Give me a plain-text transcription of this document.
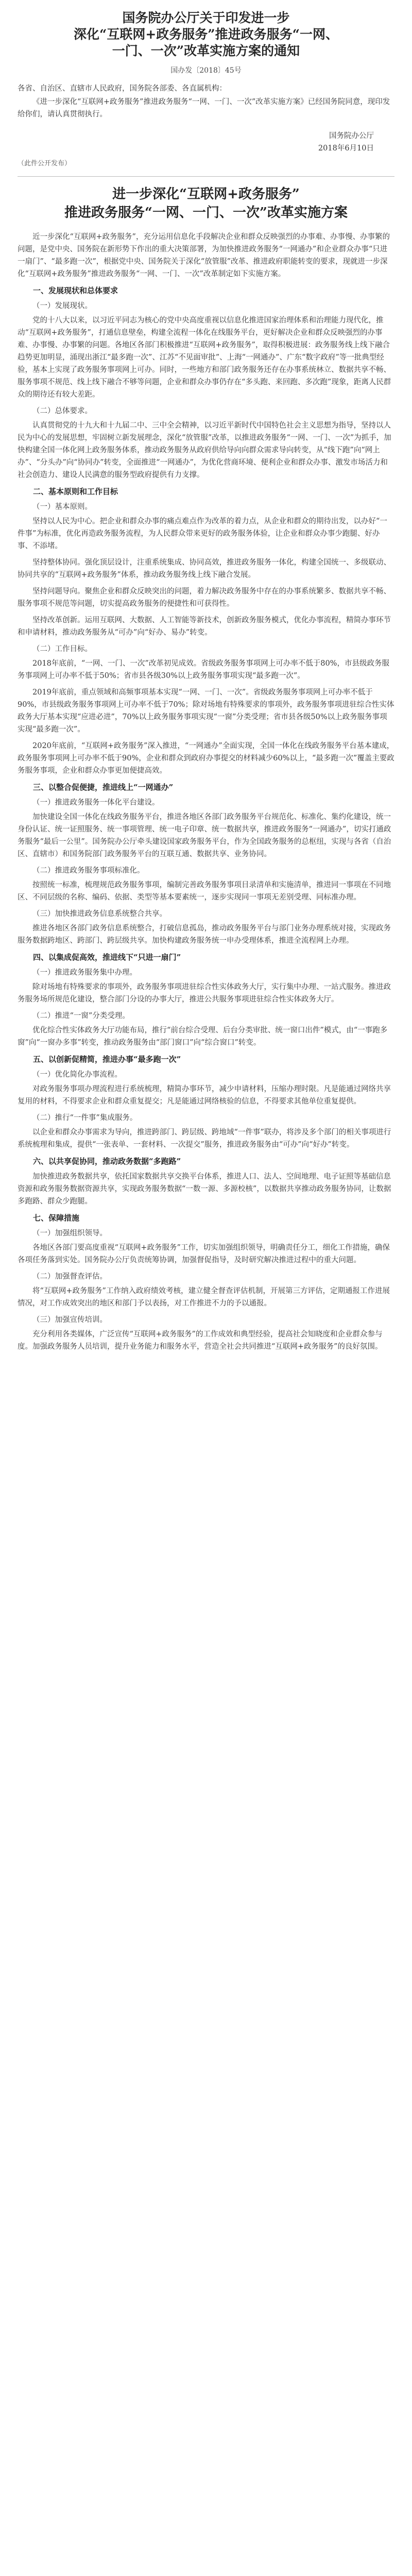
国务院办公厅关于印发进一步
深化“互联网+政务服务”推进政务服务“一网、
一门、一次”改革实施方案的通知
国办发〔2018〕45号
各省、自治区、直辖市人民政府，国务院各部委、各直属机构：
《进一步深化“互联网+政务服务”推进政务服务“一网、一门、一次”改革实施方案》已经国务院同意，现印发给你们，请认真贯彻执行。
国务院办公厅
2018年6月10日
（此件公开发布）
进一步深化“互联网+政务服务”
推进政务服务“一网、一门、一次”改革实施方案
近一步深化“互联网+政务服务”，充分运用信息化手段解决企业和群众反映强烈的办事难、办事慢、办事繁的问题，是党中央、国务院在新形势下作出的重大决策部署，为加快推进政务服务“一网通办”和企业群众办事“只进一扇门”、“最多跑一次”，根据党中央、国务院关于深化“放管服”改革、推进政府职能转变的要求，现就进一步深化“互联网+政务服务”推进政务服务“一网、一门、一次”改革制定如下实施方案。
一、发展现状和总体要求
（一）发展现状。
党的十八大以来，以习近平同志为核心的党中央高度重视以信息化推进国家治理体系和治理能力现代化，推动“互联网+政务服务”，打通信息壁垒，构建全流程一体化在线服务平台，更好解决企业和群众反映强烈的办事难、办事慢、办事繁的问题。各地区各部门积极推进“互联网+政务服务”，取得积极进展：政务服务线上线下融合趋势更加明显，涌现出浙江“最多跑一次”、江苏“不见面审批”、上海“一网通办”、广东“数字政府”等一批典型经验，基本上实现了政务服务事项网上可办。同时，一些地方和部门政务服务还存在办事系统林立、数据共享不畅、服务事项不规范、线上线下融合不够等问题，企业和群众办事仍存在“多头跑、来回跑、多次跑”现象，距离人民群众的期待还有较大差距。
（二）总体要求。
认真贯彻党的十九大和十九届二中、三中全会精神，以习近平新时代中国特色社会主义思想为指导，坚持以人民为中心的发展思想，牢固树立新发展理念，深化“放管服”改革，以推进政务服务“一网、一门、一次”为抓手，加快构建全国一体化网上政务服务体系，推动政务服务从政府供给导向向群众需求导向转变，从“线下跑”向“网上办”、“分头办”向“协同办”转变，全面推进“一网通办”，为优化营商环境、便利企业和群众办事、激发市场活力和社会创造力、建设人民满意的服务型政府提供有力支撑。
二、基本原则和工作目标
（一）基本原则。
坚持以人民为中心。把企业和群众办事的痛点难点作为改革的着力点，从企业和群众的期待出发，以办好“一件事”为标准，优化再造政务服务流程，为人民群众带来更好的政务服务体验，让企业和群众办事少跑腿、好办事、不添堵。
坚持整体协同。强化顶层设计，注重系统集成、协同高效，推进政务服务一体化，构建全国统一、多级联动、协同共享的“互联网+政务服务”体系，推动政务服务线上线下融合发展。
坚持问题导向。聚焦企业和群众反映突出的问题，着力解决政务服务中存在的办事系统繁多、数据共享不畅、服务事项不规范等问题，切实提高政务服务的便捷性和可获得性。
坚持改革创新。运用互联网、大数据、人工智能等新技术，创新政务服务模式，优化办事流程，精简办事环节和申请材料，推动政务服务从“可办”向“好办、易办”转变。
（二）工作目标。
2018年底前，“一网、一门、一次”改革初见成效。省级政务服务事项网上可办率不低于80%，市县级政务服务事项网上可办率不低于50%；省市县各级30%以上政务服务事项实现“最多跑一次”。
2019年底前，重点领域和高频事项基本实现“一网、一门、一次”。省级政务服务事项网上可办率不低于90%，市县级政务服务事项网上可办率不低于70%；除对场地有特殊要求的事项外，政务服务事项进驻综合性实体政务大厅基本实现“应进必进”，70%以上政务服务事项实现“一窗”分类受理；省市县各级50%以上政务服务事项实现“最多跑一次”。
2020年底前，“互联网+政务服务”深入推进，“一网通办”全面实现，全国一体化在线政务服务平台基本建成，政务服务事项网上可办率不低于90%，企业和群众到政府办事提交的材料减少60%以上，“最多跑一次”覆盖主要政务服务事项，企业和群众办事更加便捷高效。
三、以整合促便捷，推进线上“一网通办”
（一）推进政务服务一体化平台建设。
加快建设全国一体化在线政务服务平台，推进各地区各部门政务服务平台规范化、标准化、集约化建设，统一身份认证、统一证照服务、统一事项管理、统一电子印章、统一数据共享，推进政务服务“一网通办”，切实打通政务服务“最后一公里”。国务院办公厅牵头建设国家政务服务平台，作为全国政务服务的总枢纽，实现与各省（自治区、直辖市）和国务院部门政务服务平台的互联互通、数据共享、业务协同。
（二）推进政务服务事项标准化。
按照统一标准，梳理规范政务服务事项，编制完善政务服务事项目录清单和实施清单，推进同一事项在不同地区、不同层级的名称、编码、依据、类型等基本要素统一，逐步实现同一事项无差别受理、同标准办理。
（三）加快推进政务信息系统整合共享。
推进各地区各部门政务信息系统整合，打破信息孤岛，推动政务服务平台与部门业务办理系统对接，实现政务服务数据跨地区、跨部门、跨层级共享。加快构建政务服务统一申办受理体系，推进全流程网上办理。
四、以集成促高效，推进线下“只进一扇门”
（一）推进政务服务集中办理。
除对场地有特殊要求的事项外，政务服务事项进驻综合性实体政务大厅，实行集中办理、一站式服务。推进政务服务场所规范化建设，整合部门分设的办事大厅，推进公共服务事项进驻综合性实体政务大厅。
（二）推进“一窗”分类受理。
优化综合性实体政务大厅功能布局，推行“前台综合受理、后台分类审批、统一窗口出件”模式，由“一事跑多窗”向“一窗办多事”转变，推动政务服务由“部门窗口”向“综合窗口”转变。
五、以创新促精简，推进办事“最多跑一次”
（一）优化简化办事流程。
对政务服务事项办理流程进行系统梳理，精简办事环节，减少申请材料，压缩办理时限。凡是能通过网络共享复用的材料，不得要求企业和群众重复提交；凡是能通过网络核验的信息，不得要求其他单位重复提供。
（二）推行“一件事”集成服务。
以企业和群众办事需求为导向，推进跨部门、跨层级、跨地域“一件事”联办，将涉及多个部门的相关事项进行系统梳理和集成，提供“一张表单、一套材料、一次提交”服务，推进政务服务由“可办”向“好办”转变。
六、以共享促协同，推动政务数据“多跑路”
加快推进政务数据共享，依托国家数据共享交换平台体系，推进人口、法人、空间地理、电子证照等基础信息资源和政务服务数据资源共享，实现政务服务数据“一数一源、多源校核”，以数据共享推动政务服务协同，让数据多跑路、群众少跑腿。
七、保障措施
（一）加强组织领导。
各地区各部门要高度重视“互联网+政务服务”工作，切实加强组织领导，明确责任分工，细化工作措施，确保各项任务落到实处。国务院办公厅负责统筹协调，加强督促指导，及时研究解决推进过程中的重大问题。
（二）加强督查评估。
将“互联网+政务服务”工作纳入政府绩效考核，建立健全督查评估机制，开展第三方评估，定期通报工作进展情况，对工作成效突出的地区和部门予以表扬，对工作推进不力的予以通报。
（三）加强宣传培训。
充分利用各类媒体，广泛宣传“互联网+政务服务”的工作成效和典型经验，提高社会知晓度和企业群众参与度。加强政务服务人员培训，提升业务能力和服务水平，营造全社会共同推进“互联网+政务服务”的良好氛围。
